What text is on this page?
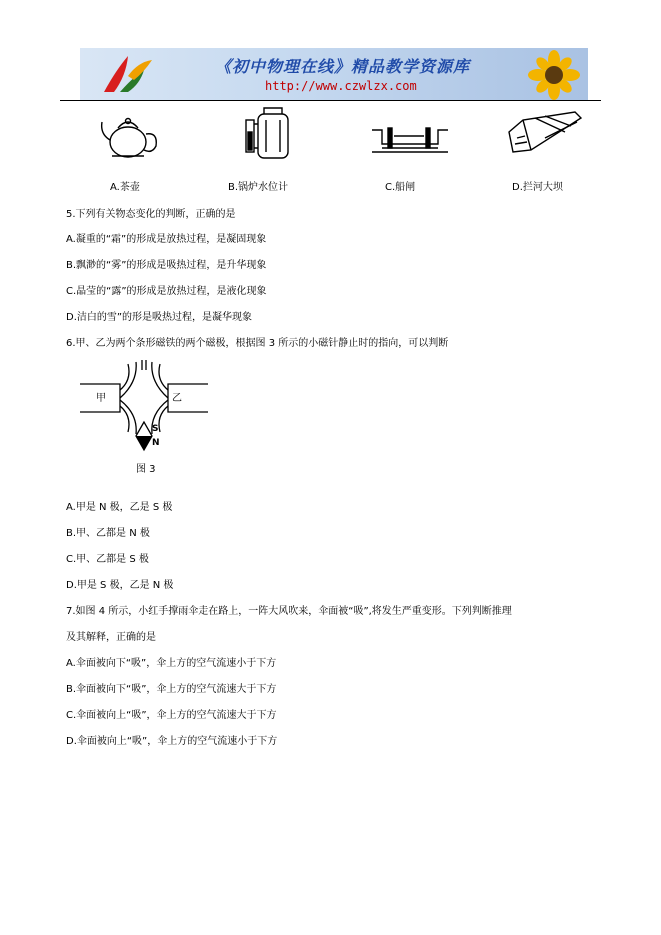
《初中物理在线》精品教学资源库
http://www.czwlzx.com
A.茶壶	B.锅炉水位计	C.船闸	D.拦河大坝
5.下列有关物态变化的判断，正确的是
A.凝重的“霜”的形成是放热过程，是凝固现象
B.飘渺的“雾”的形成是吸热过程，是升华现象
C.晶莹的“露”的形成是放热过程，是液化现象
D.洁白的雪”的形是吸热过程，是凝华现象
6.甲、乙为两个条形磁铁的两个磁极，根据图 3 所示的小磁针静止时的指向，可以判断
甲	乙
S
N
图 3
A.甲是 N 极，乙是 S 极
B.甲、乙都是 N 极
C.甲、乙都是 S 极
D.甲是 S 极，乙是 N 极
7.如图 4 所示，小红手撑雨伞走在路上，一阵大风吹来，伞面被“吸”,将发生严重变形。下列判断推理
及其解释，正确的是
A.伞面被向下“吸”，伞上方的空气流速小于下方
B.伞面被向下“吸”，伞上方的空气流速大于下方
C.伞面被向上“吸”，伞上方的空气流速大于下方
D.伞面被向上“吸”，伞上方的空气流速小于下方
